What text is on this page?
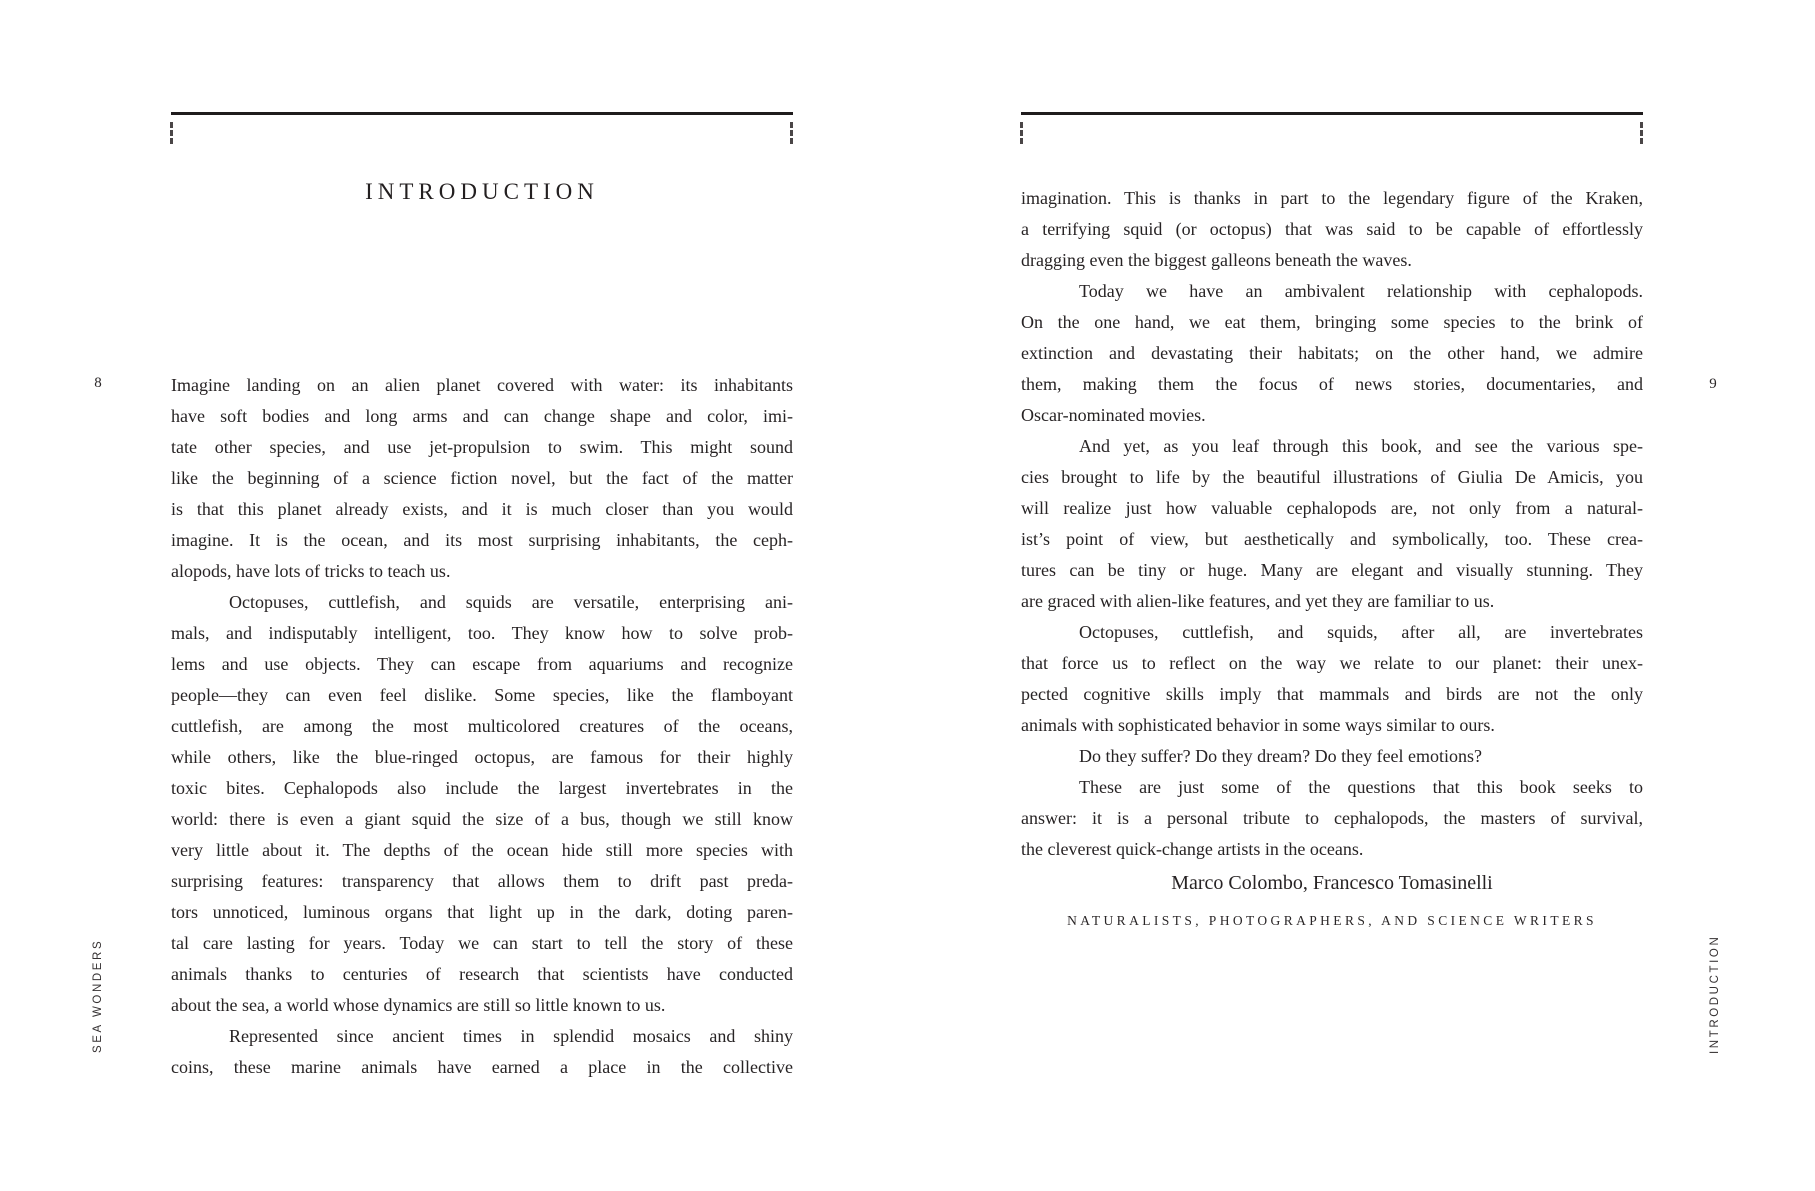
INTRODUCTION
8	Imagine landing on an alien planet covered with water: its inhabitants
have soft bodies and long arms and can change shape and color, imi-
tate other species, and use jet-propulsion to swim. This might sound
like the beginning of a science fiction novel, but the fact of the matter
is that this planet already exists, and it is much closer than you would
imagine. It is the ocean, and its most surprising inhabitants, the ceph-
alopods, have lots of tricks to teach us.
Octopuses, cuttlefish, and squids are versatile, enterprising ani-
mals, and indisputably intelligent, too. They know how to solve prob-
lems and use objects. They can escape from aquariums and recognize
people—they can even feel dislike. Some species, like the flamboyant
cuttlefish, are among the most multicolored creatures of the oceans,
while others, like the blue-ringed octopus, are famous for their highly
toxic bites. Cephalopods also include the largest invertebrates in the
world: there is even a giant squid the size of a bus, though we still know
very little about it. The depths of the ocean hide still more species with
surprising features: transparency that allows them to drift past preda-
tors unnoticed, luminous organs that light up in the dark, doting paren-
tal care lasting for years. Today we can start to tell the story of these
animals thanks to centuries of research that scientists have conducted
about the sea, a world whose dynamics are still so little known to us.
Represented since ancient times in splendid mosaics and shiny
coins, these marine animals have earned a place in the collective
SEA WONDERS
9
imagination. This is thanks in part to the legendary figure of the Kraken,
a terrifying squid (or octopus) that was said to be capable of effortlessly
dragging even the biggest galleons beneath the waves.
Today we have an ambivalent relationship with cephalopods.
On the one hand, we eat them, bringing some species to the brink of
extinction and devastating their habitats; on the other hand, we admire
them, making them the focus of news stories, documentaries, and
Oscar-nominated movies.
And yet, as you leaf through this book, and see the various spe-
cies brought to life by the beautiful illustrations of Giulia De Amicis, you
will realize just how valuable cephalopods are, not only from a natural-
ist’s point of view, but aesthetically and symbolically, too. These crea-
tures can be tiny or huge. Many are elegant and visually stunning. They
are graced with alien-like features, and yet they are familiar to us.
Octopuses, cuttlefish, and squids, after all, are invertebrates
that force us to reflect on the way we relate to our planet: their unex-
pected cognitive skills imply that mammals and birds are not the only
animals with sophisticated behavior in some ways similar to ours.
Do they suffer? Do they dream? Do they feel emotions?
These are just some of the questions that this book seeks to
answer: it is a personal tribute to cephalopods, the masters of survival,
the cleverest quick-change artists in the oceans.
Marco Colombo, Francesco Tomasinelli
NATURALISTS, PHOTOGRAPHERS, AND SCIENCE WRITERS
INTRODUCTION
